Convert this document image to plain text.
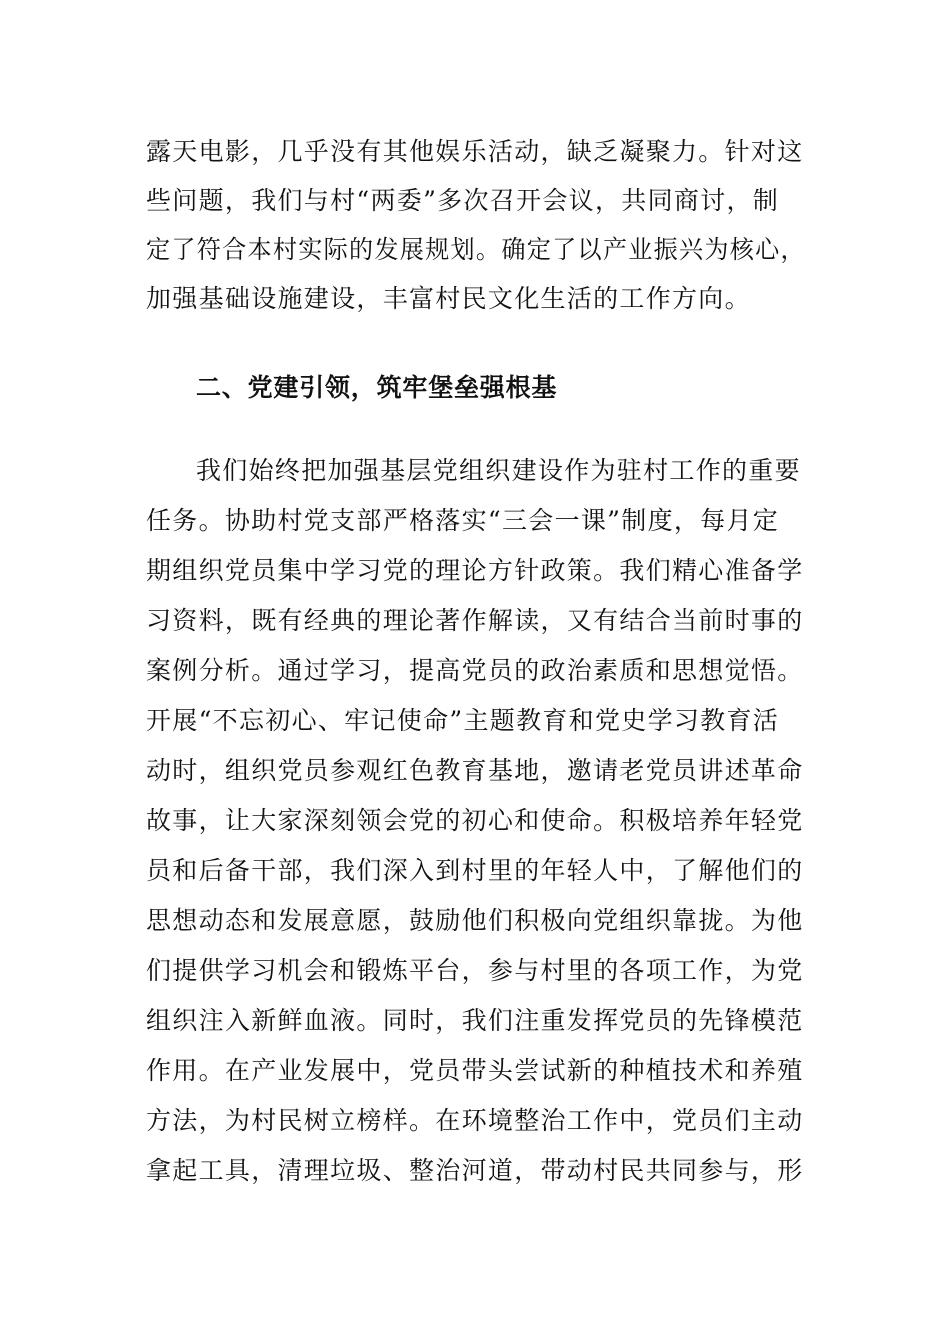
露天电影，几乎没有其他娱乐活动，缺乏凝聚力。针对这
些问题，我们与村“两委”多次召开会议，共同商讨，制
定了符合本村实际的发展规划。确定了以产业振兴为核心，
加强基础设施建设，丰富村民文化生活的工作方向。
二、党建引领，筑牢堡垒强根基
我们始终把加强基层党组织建设作为驻村工作的重要
任务。协助村党支部严格落实“三会一课”制度，每月定
期组织党员集中学习党的理论方针政策。我们精心准备学
习资料，既有经典的理论著作解读，又有结合当前时事的
案例分析。通过学习，提高党员的政治素质和思想觉悟。
开展“不忘初心、牢记使命”主题教育和党史学习教育活
动时，组织党员参观红色教育基地，邀请老党员讲述革命
故事，让大家深刻领会党的初心和使命。积极培养年轻党
员和后备干部，我们深入到村里的年轻人中，了解他们的
思想动态和发展意愿，鼓励他们积极向党组织靠拢。为他
们提供学习机会和锻炼平台，参与村里的各项工作，为党
组织注入新鲜血液。同时，我们注重发挥党员的先锋模范
作用。在产业发展中，党员带头尝试新的种植技术和养殖
方法，为村民树立榜样。在环境整治工作中，党员们主动
拿起工具，清理垃圾、整治河道，带动村民共同参与，形
